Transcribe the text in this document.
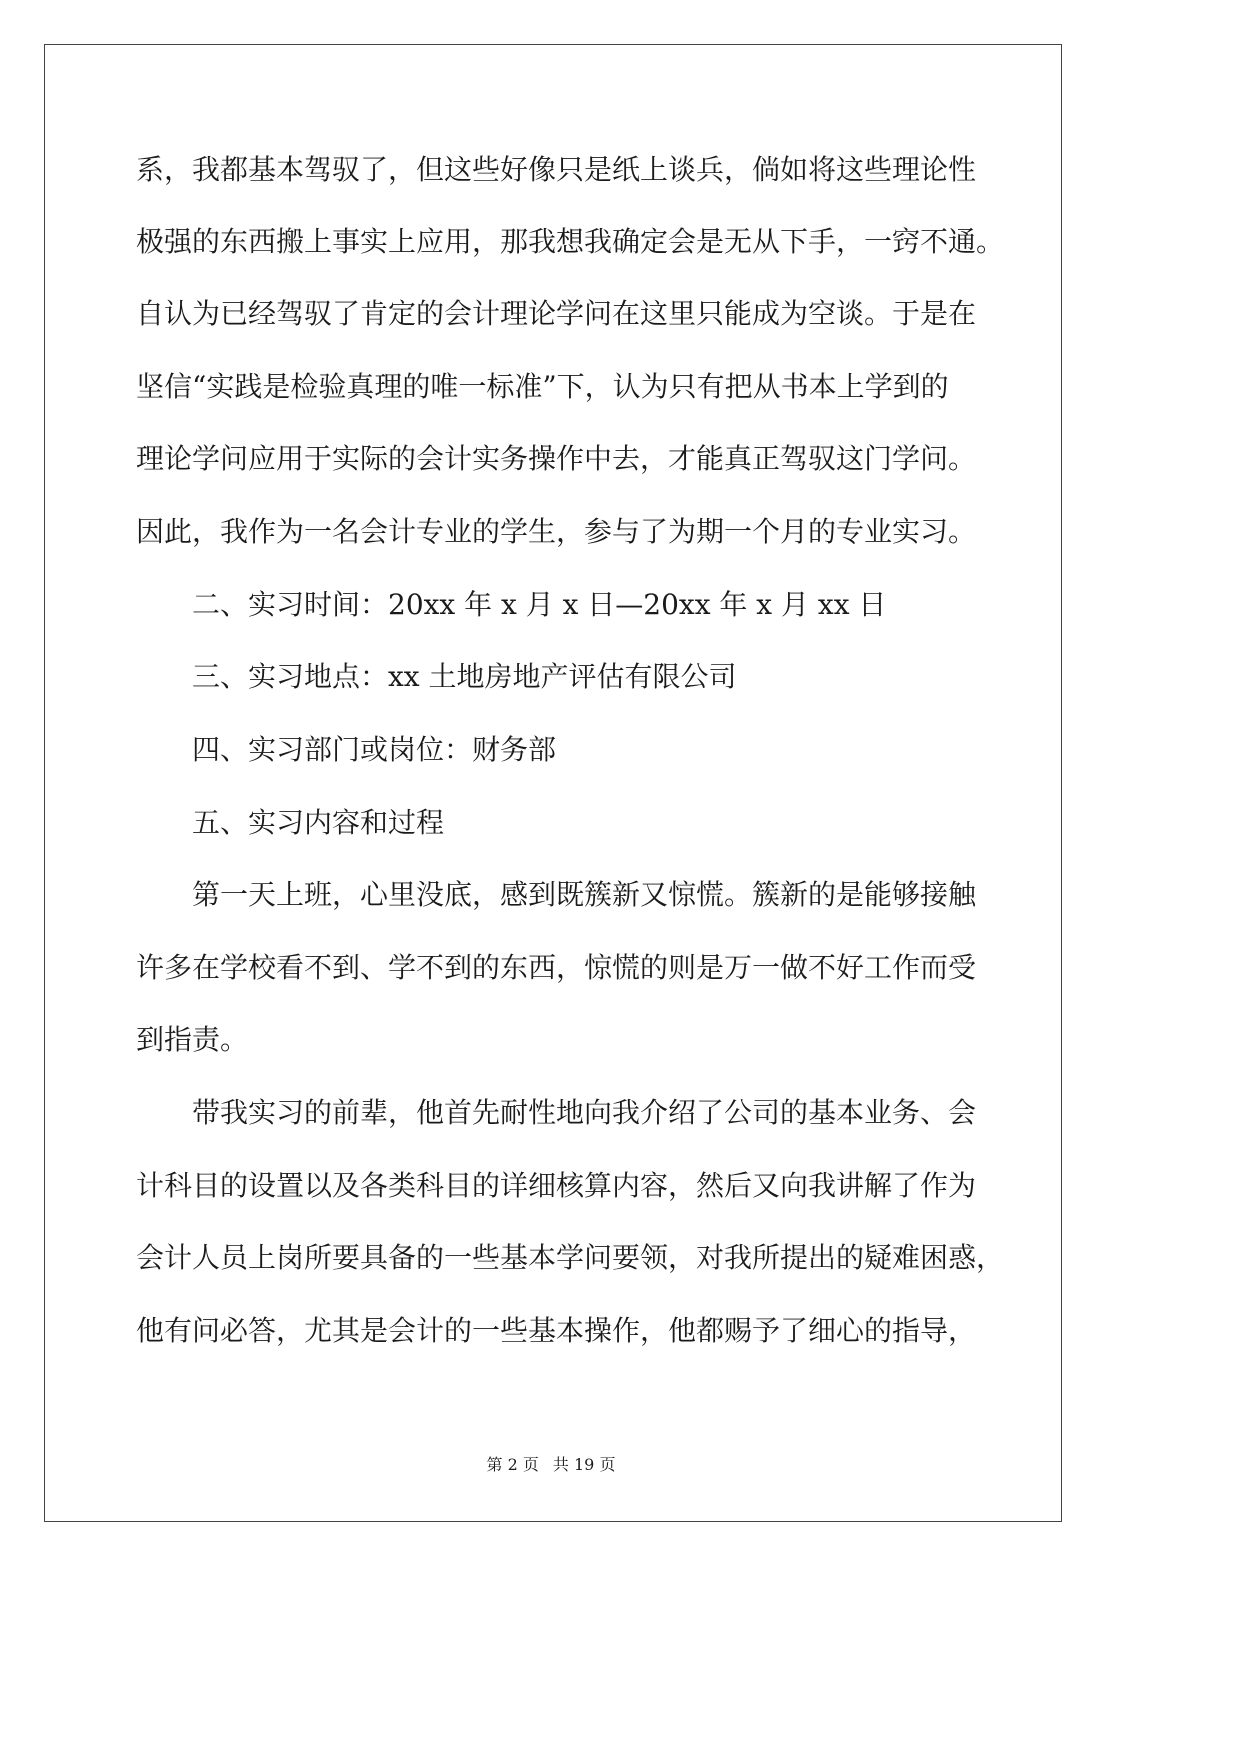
系，我都基本驾驭了，但这些好像只是纸上谈兵，倘如将这些理论性

极强的东西搬上事实上应用，那我想我确定会是无从下手，一窍不通。

自认为已经驾驭了肯定的会计理论学问在这里只能成为空谈。于是在

坚信“实践是检验真理的唯一标准”下，认为只有把从书本上学到的

理论学问应用于实际的会计实务操作中去，才能真正驾驭这门学问。

因此，我作为一名会计专业的学生，参与了为期一个月的专业实习。

二、实习时间：20xx 年 x 月 x 日—20xx 年 x 月 xx 日

三、实习地点：xx 土地房地产评估有限公司

四、实习部门或岗位：财务部

五、实习内容和过程

第一天上班，心里没底，感到既簇新又惊慌。簇新的是能够接触

许多在学校看不到、学不到的东西，惊慌的则是万一做不好工作而受

到指责。

带我实习的前辈，他首先耐性地向我介绍了公司的基本业务、会

计科目的设置以及各类科目的详细核算内容，然后又向我讲解了作为

会计人员上岗所要具备的一些基本学问要领，对我所提出的疑难困惑，

他有问必答，尤其是会计的一些基本操作，他都赐予了细心的指导，

第 2 页 共 19 页
